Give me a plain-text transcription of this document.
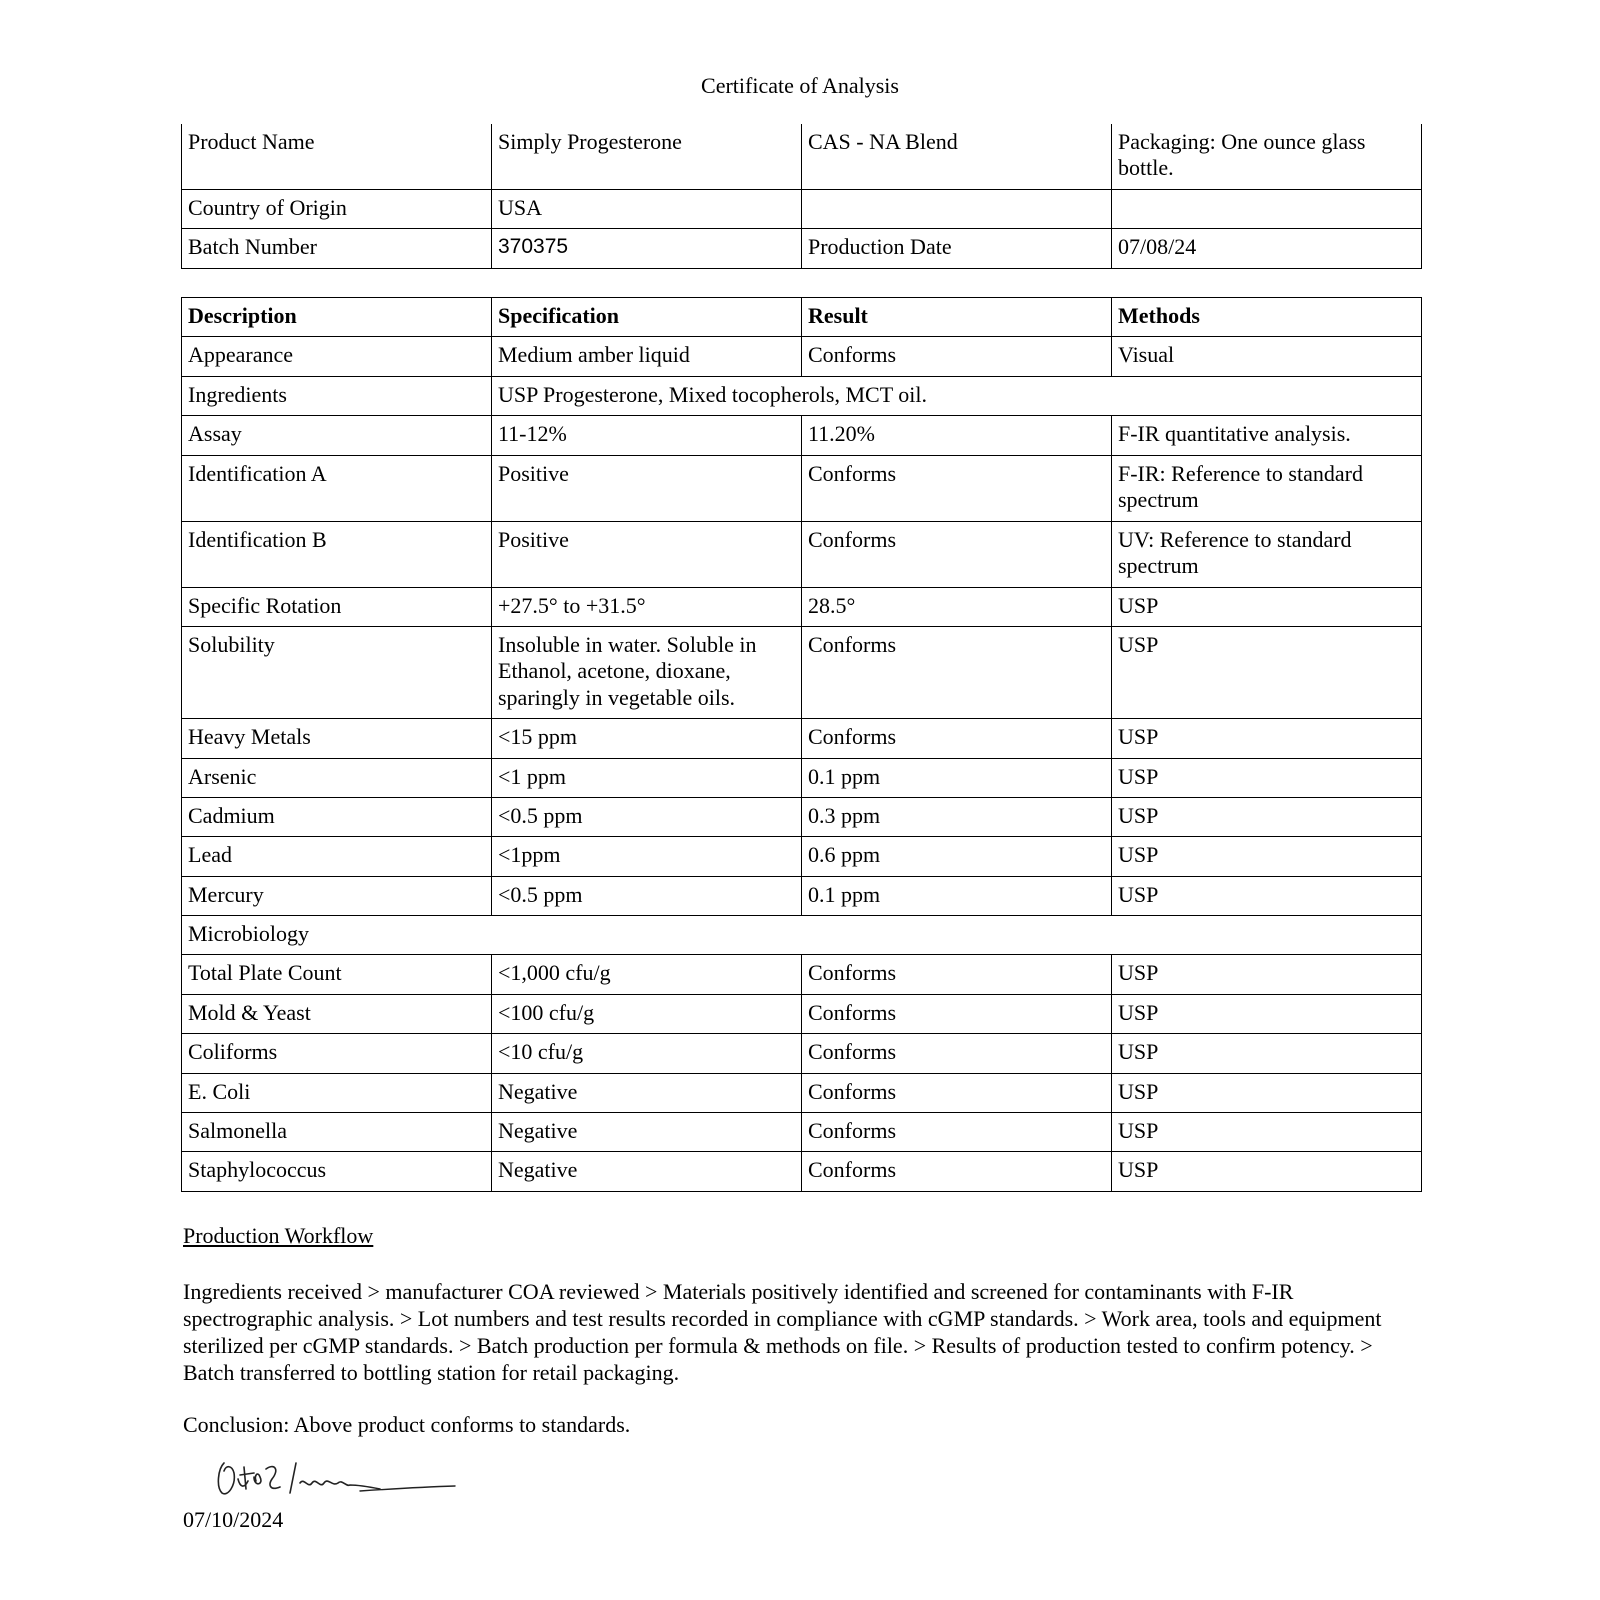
Certificate of Analysis
Product Name	Simply Progesterone	CAS - NA Blend	Packaging: One ounce glass bottle.
Country of Origin	USA		
Batch Number	370375	Production Date	07/08/24
Description	Specification	Result	Methods
Appearance	Medium amber liquid	Conforms	Visual
Ingredients	USP Progesterone, Mixed tocopherols, MCT oil.		
Assay	11-12%	11.20%	F-IR quantitative analysis.
Identification A	Positive	Conforms	F-IR: Reference to standard spectrum
Identification B	Positive	Conforms	UV: Reference to standard spectrum
Specific Rotation	+27.5° to +31.5°	28.5°	USP
Solubility	Insoluble in water. Soluble in Ethanol, acetone, dioxane, sparingly in vegetable oils.	Conforms	USP
Heavy Metals	<15 ppm	Conforms	USP
Arsenic	<1 ppm	0.1 ppm	USP
Cadmium	<0.5 ppm	0.3 ppm	USP
Lead	<1ppm	0.6 ppm	USP
Mercury	<0.5 ppm	0.1 ppm	USP
Microbiology			
Total Plate Count	<1,000 cfu/g	Conforms	USP
Mold & Yeast	<100 cfu/g	Conforms	USP
Coliforms	<10 cfu/g	Conforms	USP
E. Coli	Negative	Conforms	USP
Salmonella	Negative	Conforms	USP
Staphylococcus	Negative	Conforms	USP
Production Workflow
Ingredients received > manufacturer COA reviewed > Materials positively identified and screened for contaminants with F-IR spectrographic analysis. > Lot numbers and test results recorded in compliance with cGMP standards. > Work area, tools and equipment sterilized per cGMP standards. > Batch production per formula & methods on file. > Results of production tested to confirm potency. > Batch transferred to bottling station for retail packaging.
Conclusion: Above product conforms to standards.
07/10/2024
